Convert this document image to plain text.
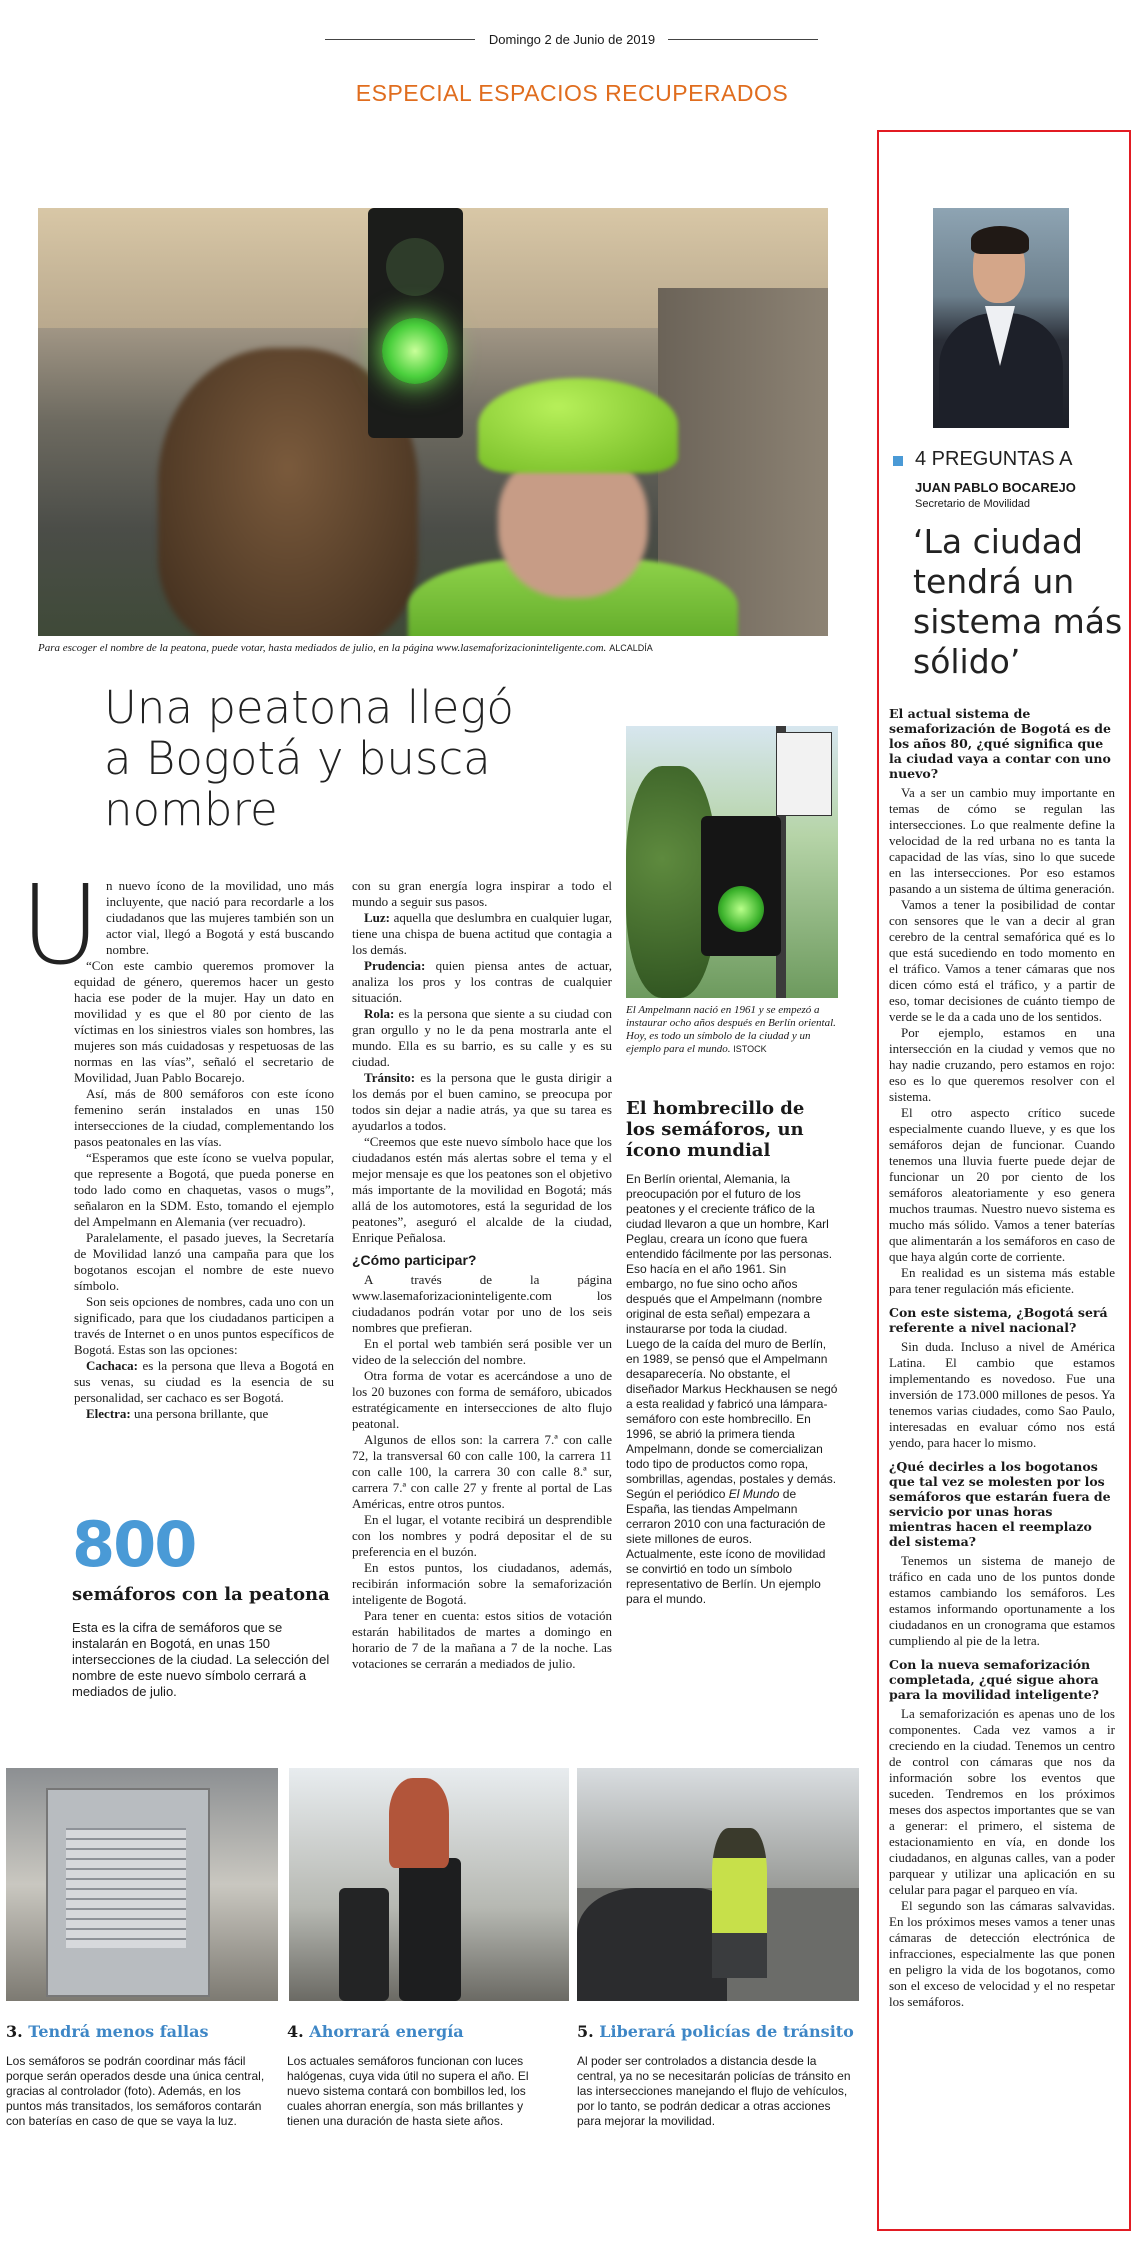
Domingo 2 de Junio de 2019
ESPECIAL ESPACIOS RECUPERADOS
Para escoger el nombre de la peatona, puede votar, hasta mediados de julio, en la página www.lasemaforizacioninteligente.com. ALCALDÍA
Una peatona llegó a Bogotá y busca nombre
U n nuevo ícono de la movilidad, uno más incluyente, que nació para recordarle a los ciudadanos que las mujeres también son un actor vial, llegó a Bogotá y está buscando nombre.

“Con este cambio queremos promover la equidad de género, queremos hacer un gesto hacia ese poder de la mujer. Hay un dato en movilidad y es que el 80 por ciento de las víctimas en los siniestros viales son hombres, las mujeres son más cuidadosas y respetuosas de las normas en las vías”, señaló el secretario de Movilidad, Juan Pablo Bocarejo.

Así, más de 800 semáforos con este ícono femenino serán instalados en unas 150 intersecciones de la ciudad, complementando los pasos peatonales en las vías.

“Esperamos que este ícono se vuelva popular, que represente a Bogotá, que pueda ponerse en todo lado como en chaquetas, vasos o mugs”, señalaron en la SDM. Esto, tomando el ejemplo del Ampelmann en Alemania (ver recuadro).

Paralelamente, el pasado jueves, la Secretaría de Movilidad lanzó una campaña para que los bogotanos escojan el nombre de este nuevo símbolo.

Son seis opciones de nombres, cada uno con un significado, para que los ciudadanos participen a través de Internet o en unos puntos específicos de Bogotá. Estas son las opciones:

Cachaca: es la persona que lleva a Bogotá en sus venas, su ciudad es la esencia de su personalidad, ser cachaco es ser Bogotá.

Electra: una persona brillante, que

con su gran energía logra inspirar a todo el mundo a seguir sus pasos.

Luz: aquella que deslumbra en cualquier lugar, tiene una chispa de buena actitud que contagia a los demás.

Prudencia: quien piensa antes de actuar, analiza los pros y los contras de cualquier situación.

Rola: es la persona que siente a su ciudad con gran orgullo y no le da pena mostrarla ante el mundo. Ella es su barrio, es su calle y es su ciudad.

Tránsito: es la persona que le gusta dirigir a los demás por el buen camino, se preocupa por todos sin dejar a nadie atrás, ya que su tarea es ayudarlos a todos.

“Creemos que este nuevo símbolo hace que los ciudadanos estén más alertas sobre el tema y el mejor mensaje es que los peatones son el objetivo más importante de la movilidad en Bogotá; más allá de los automotores, está la seguridad de los peatones”, aseguró el alcalde de la ciudad, Enrique Peñalosa.

¿Cómo participar?

A través de la página www.lasemaforizacioninteligente.com los ciudadanos podrán votar por uno de los seis nombres que prefieran.

En el portal web también será posible ver un video de la selección del nombre.

Otra forma de votar es acercándose a uno de los 20 buzones con forma de semáforo, ubicados estratégicamente en intersecciones de alto flujo peatonal.

Algunos de ellos son: la carrera 7.ª con calle 72, la transversal 60 con calle 100, la carrera 11 con calle 100, la carrera 30 con calle 8.ª sur, carrera 7.ª con calle 27 y frente al portal de Las Américas, entre otros puntos.

En el lugar, el votante recibirá un desprendible con los nombres y podrá depositar el de su preferencia en el buzón.

En estos puntos, los ciudadanos, además, recibirán información sobre la semaforización inteligente de Bogotá.

Para tener en cuenta: estos sitios de votación estarán habilitados de martes a domingo en horario de 7 de la mañana a 7 de la noche. Las votaciones se cerrarán a mediados de julio.

800
semáforos con la peatona
Esta es la cifra de semáforos que se instalarán en Bogotá, en unas 150 intersecciones de la ciudad. La selección del nombre de este nuevo símbolo cerrará a mediados de julio.
El Ampelmann nació en 1961 y se empezó a instaurar ocho años después en Berlín oriental. Hoy, es todo un símbolo de la ciudad y un ejemplo para el mundo. ISTOCK
El hombrecillo de los semáforos, un ícono mundial

En Berlín oriental, Alemania, la preocupación por el futuro de los peatones y el creciente tráfico de la ciudad llevaron a que un hombre, Karl Peglau, creara un ícono que fuera entendido fácilmente por las personas. Eso hacía en el año 1961. Sin embargo, no fue sino ocho años después que el Ampelmann (nombre original de esta señal) empezara a instaurarse por toda la ciudad.

Luego de la caída del muro de Berlín, en 1989, se pensó que el Ampelmann desaparecería. No obstante, el diseñador Markus Heckhausen se negó a esta realidad y fabricó una lámpara-semáforo con este hombrecillo. En 1996, se abrió la primera tienda Ampelmann, donde se comercializan todo tipo de productos como ropa, sombrillas, agendas, postales y demás.

Según el periódico El Mundo de España, las tiendas Ampelmann cerraron 2010 con una facturación de siete millones de euros.

Actualmente, este ícono de movilidad se convirtió en todo un símbolo representativo de Berlín. Un ejemplo para el mundo.

3. Tendrá menos fallas
Los semáforos se podrán coordinar más fácil porque serán operados desde una única central, gracias al controlador (foto). Además, en los puntos más transitados, los semáforos contarán con baterías en caso de que se vaya la luz.
4. Ahorrará energía
Los actuales semáforos funcionan con luces halógenas, cuya vida útil no supera el año. El nuevo sistema contará con bombillos led, los cuales ahorran energía, son más brillantes y tienen una duración de hasta siete años.
5. Liberará policías de tránsito
Al poder ser controlados a distancia desde la central, ya no se necesitarán policías de tránsito en las intersecciones manejando el flujo de vehículos, por lo tanto, se podrán dedicar a otras acciones para mejorar la movilidad.
4 PREGUNTAS A
JUAN PABLO BOCAREJO
Secretario de Movilidad
‘La ciudad tendrá un sistema más sólido’
El actual sistema de semaforización de Bogotá es de los años 80, ¿qué significa que la ciudad vaya a contar con uno nuevo?

Va a ser un cambio muy importante en temas de cómo se regulan las intersecciones. Lo que realmente define la velocidad de la red urbana no es tanta la capacidad de las vías, sino lo que sucede en las intersecciones. Por eso estamos pasando a un sistema de última generación.

Vamos a tener la posibilidad de contar con sensores que le van a decir al gran cerebro de la central semafórica qué es lo que está sucediendo en todo momento en el tráfico. Vamos a tener cámaras que nos dicen cómo está el tráfico, y a partir de eso, tomar decisiones de cuánto tiempo de verde se le da a cada uno de los sentidos.

Por ejemplo, estamos en una intersección en la ciudad y vemos que no hay nadie cruzando, pero estamos en rojo: eso es lo que queremos resolver con el sistema.

El otro aspecto crítico sucede especialmente cuando llueve, y es que los semáforos dejan de funcionar. Cuando tenemos una lluvia fuerte puede dejar de funcionar un 20 por ciento de los semáforos aleatoriamente y eso genera muchos traumas. Nuestro nuevo sistema es mucho más sólido. Vamos a tener baterías que alimentarán a los semáforos en caso de que haya algún corte de corriente.

En realidad es un sistema más estable para tener regulación más eficiente.

Con este sistema, ¿Bogotá será referente a nivel nacional?

Sin duda. Incluso a nivel de América Latina. El cambio que estamos implementando es novedoso. Fue una inversión de 173.000 millones de pesos. Ya tenemos varias ciudades, como Sao Paulo, interesadas en evaluar cómo nos está yendo, para hacer lo mismo.

¿Qué decirles a los bogotanos que tal vez se molesten por los semáforos que estarán fuera de servicio por unas horas mientras hacen el reemplazo del sistema?

Tenemos un sistema de manejo de tráfico en cada uno de los puntos donde estamos cambiando los semáforos. Les estamos informando oportunamente a los ciudadanos en un cronograma que estamos cumpliendo al pie de la letra.

Con la nueva semaforización completada, ¿qué sigue ahora para la movilidad inteligente?

La semaforización es apenas uno de los componentes. Cada vez vamos a ir creciendo en la ciudad. Tenemos un centro de control con cámaras que nos da información sobre los eventos que suceden. Tendremos en los próximos meses dos aspectos importantes que se van a generar: el primero, el sistema de estacionamiento en vía, en donde los ciudadanos, en algunas calles, van a poder parquear y utilizar una aplicación en su celular para pagar el parqueo en vía.

El segundo son las cámaras salvavidas. En los próximos meses vamos a tener unas cámaras de detección electrónica de infracciones, especialmente las que ponen en peligro la vida de los bogotanos, como son el exceso de velocidad y el no respetar los semáforos.
